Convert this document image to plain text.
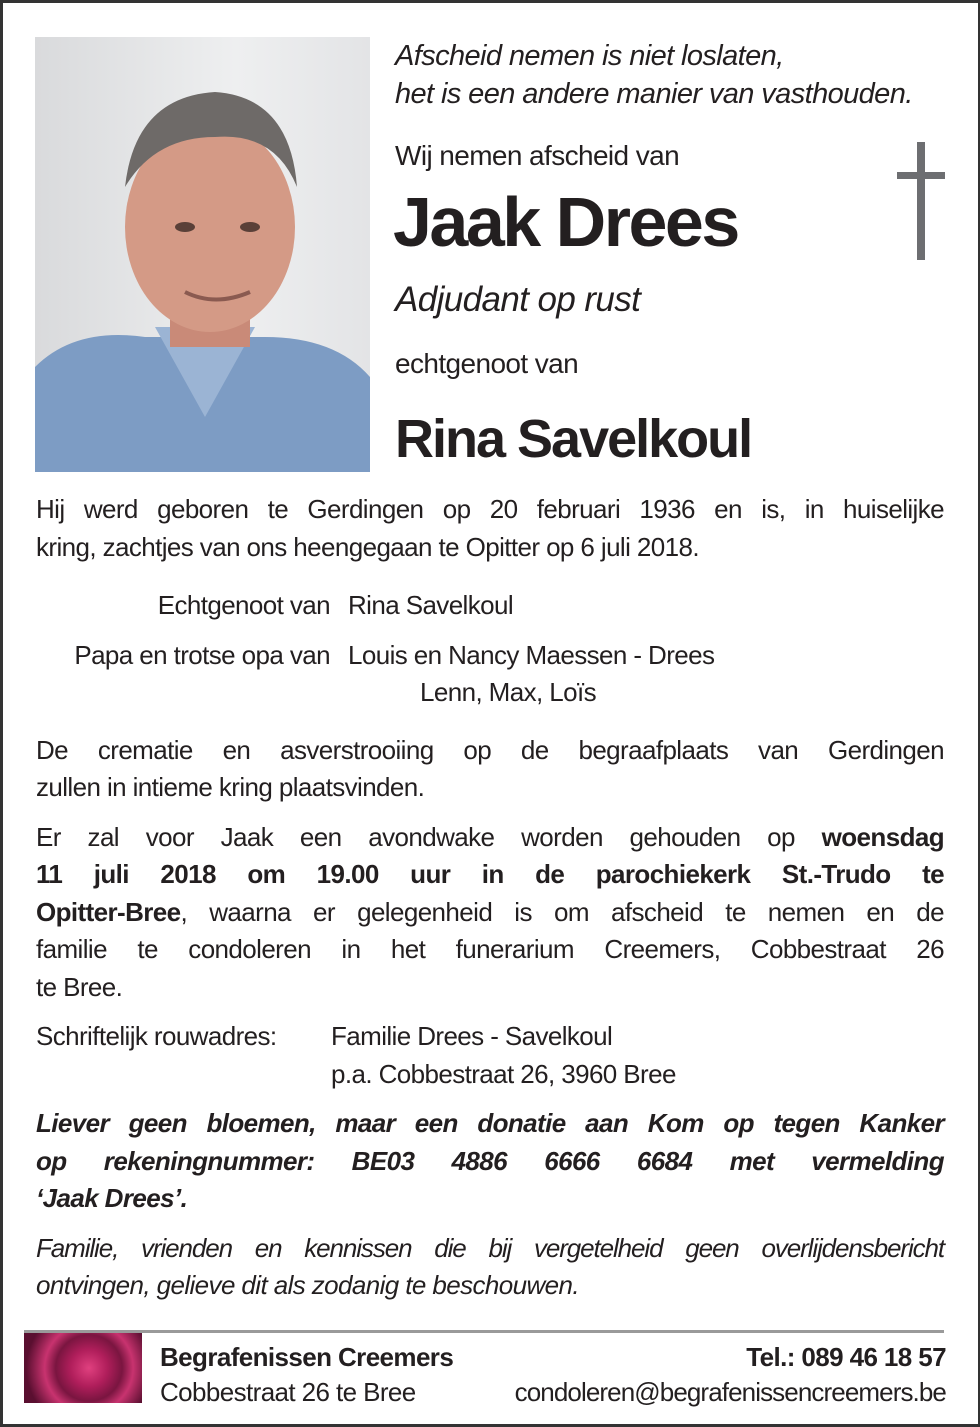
Afscheid nemen is niet loslaten,
het is een andere manier van vasthouden.
Wij nemen afscheid van
Jaak Drees
Adjudant op rust
echtgenoot van
Rina Savelkoul
Hij werd geboren te Gerdingen op 20 februari 1936 en is, in huiselijke
kring, zachtjes van ons heengegaan te Opitter op 6 juli 2018.
Echtgenoot van Rina Savelkoul
Papa en trotse opa van Louis en Nancy Maessen - Drees
Lenn, Max, Loïs
De crematie en asverstrooiing op de begraafplaats van Gerdingen
zullen in intieme kring plaatsvinden.
Er zal voor Jaak een avondwake worden gehouden op woensdag
11 juli 2018 om 19.00 uur in de parochiekerk St.-Trudo te
Opitter-Bree, waarna er gelegenheid is om afscheid te nemen en de
familie te condoleren in het funerarium Creemers, Cobbestraat 26
te Bree.
Schriftelijk rouwadres: Familie Drees - Savelkoul
p.a. Cobbestraat 26, 3960 Bree
Liever geen bloemen, maar een donatie aan Kom op tegen Kanker
op rekeningnummer: BE03 4886 6666 6684 met vermelding
‘Jaak Drees’.
Familie, vrienden en kennissen die bij vergetelheid geen overlijdensbericht
ontvingen, gelieve dit als zodanig te beschouwen.
Begrafenissen Creemers
Cobbestraat 26 te Bree
Tel.: 089 46 18 57
condoleren@begrafenissencreemers.be
